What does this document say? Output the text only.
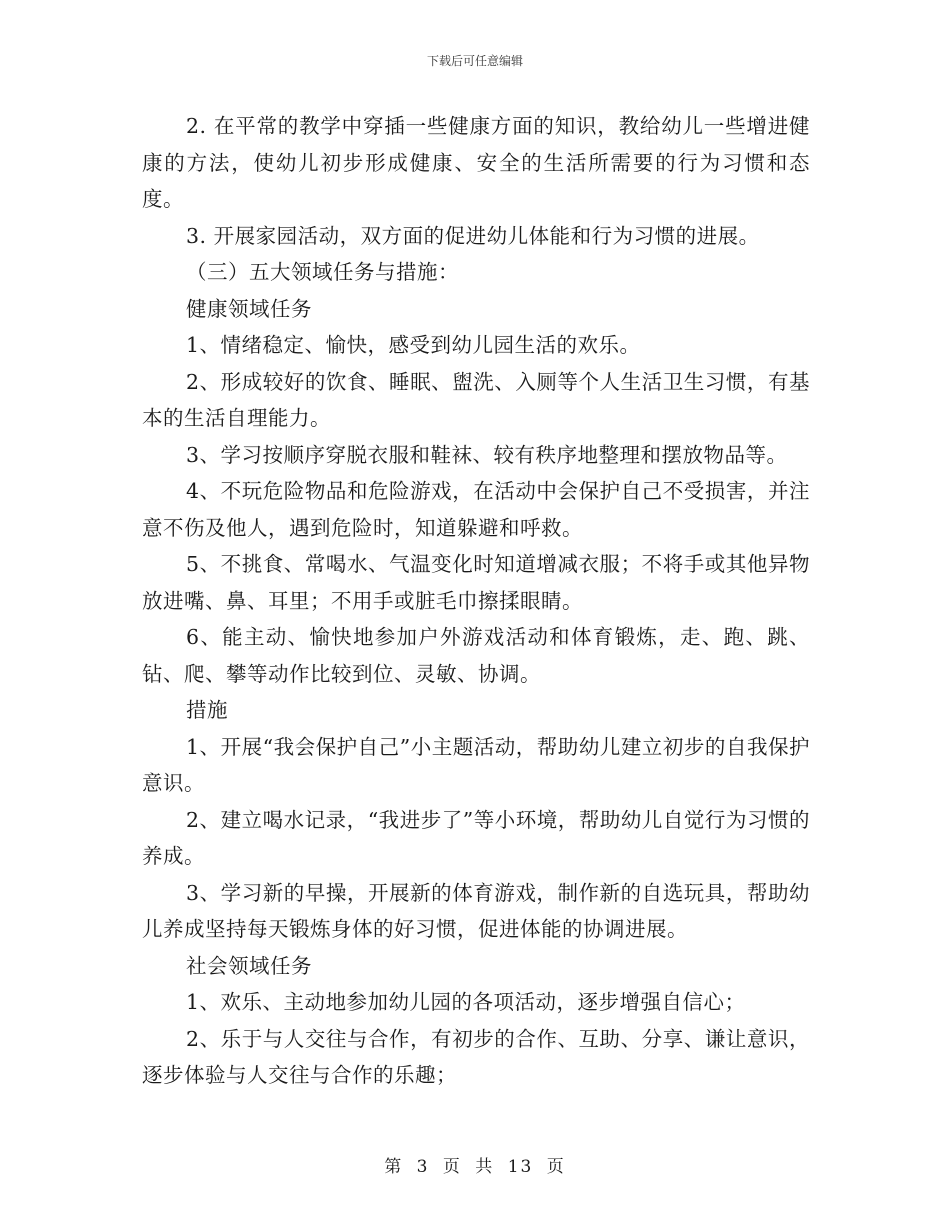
下载后可任意编辑

2. 在平常的教学中穿插一些健康方面的知识，教给幼儿一些增进健康的方法，使幼儿初步形成健康、安全的生活所需要的行为习惯和态度。

3. 开展家园活动，双方面的促进幼儿体能和行为习惯的进展。

（三）五大领域任务与措施：

健康领域任务

1、情绪稳定、愉快，感受到幼儿园生活的欢乐。

2、形成较好的饮食、睡眠、盥洗、入厕等个人生活卫生习惯，有基本的生活自理能力。

3、学习按顺序穿脱衣服和鞋袜、较有秩序地整理和摆放物品等。

4、不玩危险物品和危险游戏，在活动中会保护自己不受损害，并注意不伤及他人，遇到危险时，知道躲避和呼救。

5、不挑食、常喝水、气温变化时知道增减衣服；不将手或其他异物放进嘴、鼻、耳里；不用手或脏毛巾擦揉眼睛。

6、能主动、愉快地参加户外游戏活动和体育锻炼，走、跑、跳、钻、爬、攀等动作比较到位、灵敏、协调。

措施

1、开展“我会保护自己”小主题活动，帮助幼儿建立初步的自我保护意识。

2、建立喝水记录，“我进步了”等小环境，帮助幼儿自觉行为习惯的养成。

3、学习新的早操，开展新的体育游戏，制作新的自选玩具，帮助幼儿养成坚持每天锻炼身体的好习惯，促进体能的协调进展。

社会领域任务

1、欢乐、主动地参加幼儿园的各项活动，逐步增强自信心；

2、乐于与人交往与合作，有初步的合作、互助、分享、谦让意识，逐步体验与人交往与合作的乐趣；

第 3 页 共 13 页
